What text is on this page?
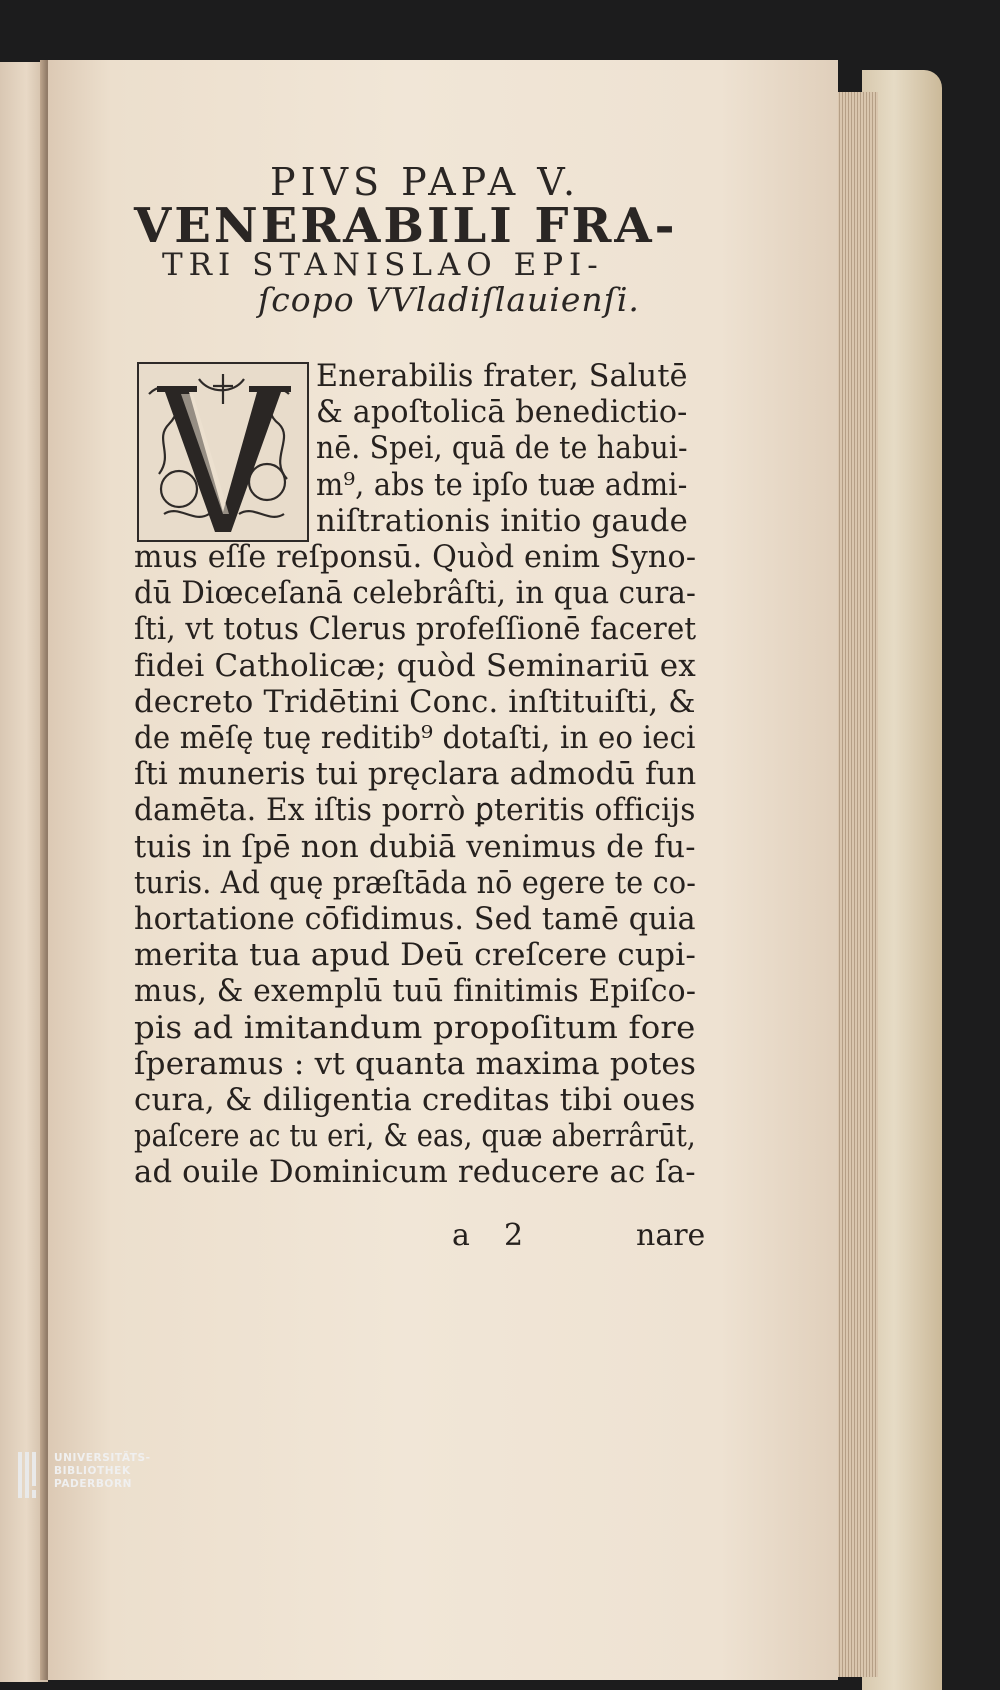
PIVS PAPA V.
VENERABILI FRA-
TRI STANISLAO EPI-
ſcopo VVladiſlauienſi.
Enerabilis frater, Salutē
& apoſtolicā benedictio-
nē. Spei, quā de te habui-
m⁹, abs te ipſo tuæ admi-
niſtrationis initio gaude
mus eſſe reſponsū. Quòd enim Syno-
dū Diœceſanā celebrâſti, in qua cura-
ſti, vt totus Clerus profeſſionē faceret
fidei Catholicæ; quòd Seminariū ex
decreto Tridētini Conc. inſtituiſti, &
de mēſę tuę reditib⁹ dotaſti, in eo ieci
ſti muneris tui pręclara admodū fun
damēta. Ex iſtis porrò ꝑteritis officijs
tuis in ſpē non dubiā venimus de fu-
turis. Ad quę præſtāda nō egere te co-
hortatione cōfidimus. Sed tamē quia
merita tua apud Deū creſcere cupi-
mus, & exemplū tuū finitimis Epiſco-
pis ad imitandum propoſitum fore
ſperamus : vt quanta maxima potes
cura, & diligentia creditas tibi oues
paſcere ac tu eri, & eas, quæ aberrârūt,
ad ouile Dominicum reducere ac ſa-
a 2	nare
UNIVERSITÄTS-
BIBLIOTHEK
PADERBORN
